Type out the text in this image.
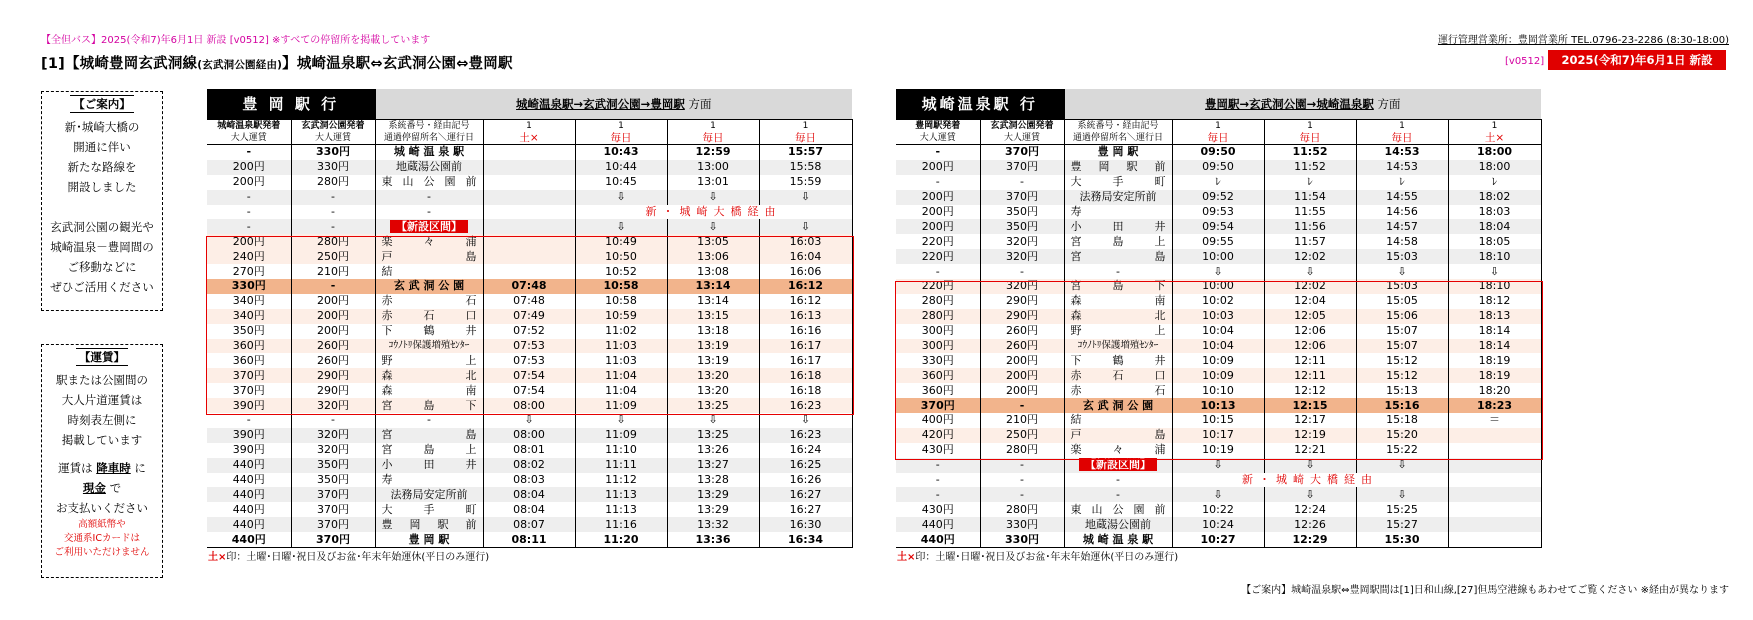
【全但バス】2025(令和7)年6月1日 新設 [v0512] ※すべての停留所を掲載しています	運行管理営業所：豊岡営業所 TEL.0796-23-2286 (8:30-18:00)
[1]【城崎豊岡玄武洞線(玄武洞公園経由)】城崎温泉駅⇔玄武洞公園⇔豊岡駅	[v0512]	2025(令和7)年6月1日 新設
【ご案内】
新･城崎大橋の
開通に伴い
新たな路線を
開設しました

玄武洞公園の観光や
城崎温泉－豊岡間の
ご移動などに
ぜひご活用ください
【運賃】
駅または公園間の
大人片道運賃は
時刻表左側に
掲載しています
運賃は 降車時 に
現金 で
お支払いください
高額紙幣や
交通系ICカードは
ご利用いただけません
豊 岡 駅 行		城崎温泉駅→玄武洞公園→豊岡駅 方面				
城崎温泉駅発着	玄武洞公園発着	系統番号・経由記号	1	1	1	1
大人運賃	大人運賃	通過停留所名＼運行日	土×	毎日	毎日	毎日
-	330円	城 崎 温 泉 駅		10:43	12:59	15:57
200円	330円	地蔵湯公園前		10:44	13:00	15:58
200円	280円	東山公園前		10:45	13:01	15:59
-	-	-		⇩	⇩	⇩
-	-	-		新・城崎大橋経由		
-	-	【新設区間】		⇩	⇩	⇩
200円	280円	楽々浦		10:49	13:05	16:03
240円	250円	戸島		10:50	13:06	16:04
270円	210円	結		10:52	13:08	16:06
330円	-	玄 武 洞 公 園	07:48	10:58	13:14	16:12
340円	200円	赤石	07:48	10:58	13:14	16:12
340円	200円	赤石口	07:49	10:59	13:15	16:13
350円	200円	下鶴井	07:52	11:02	13:18	16:16
360円	260円	ｺｳﾉﾄﾘ保護増殖ｾﾝﾀｰ	07:53	11:03	13:19	16:17
360円	260円	野上	07:53	11:03	13:19	16:17
370円	290円	森北	07:54	11:04	13:20	16:18
370円	290円	森南	07:54	11:04	13:20	16:18
390円	320円	宮島下	08:00	11:09	13:25	16:23
-	-	-	⇩	⇩	⇩	⇩
390円	320円	宮島	08:00	11:09	13:25	16:23
390円	320円	宮島上	08:01	11:10	13:26	16:24
440円	350円	小田井	08:02	11:11	13:27	16:25
440円	350円	寿	08:03	11:12	13:28	16:26
440円	370円	法務局安定所前	08:04	11:13	13:29	16:27
440円	370円	大手町	08:04	11:13	13:29	16:27
440円	370円	豊岡駅前	08:07	11:16	13:32	16:30
440円	370円	豊 岡 駅	08:11	11:20	13:36	16:34
土×印：土曜･日曜･祝日及びお盆･年末年始運休(平日のみ運行)
城崎温泉駅 行		豊岡駅→玄武洞公園→城崎温泉駅 方面				
豊岡駅発着	玄武洞公園発着	系統番号・経由記号	1	1	1	1
大人運賃	大人運賃	通過停留所名＼運行日	毎日	毎日	毎日	土×
-	370円	豊 岡 駅	09:50	11:52	14:53	18:00
200円	370円	豊岡駅前	09:50	11:52	14:53	18:00
-	-	大手町	ﾚ	ﾚ	ﾚ	ﾚ
200円	370円	法務局安定所前	09:52	11:54	14:55	18:02
200円	350円	寿	09:53	11:55	14:56	18:03
200円	350円	小田井	09:54	11:56	14:57	18:04
220円	320円	宮島上	09:55	11:57	14:58	18:05
220円	320円	宮島	10:00	12:02	15:03	18:10
-	-	-	⇩	⇩	⇩	⇩
220円	320円	宮島下	10:00	12:02	15:03	18:10
280円	290円	森南	10:02	12:04	15:05	18:12
280円	290円	森北	10:03	12:05	15:06	18:13
300円	260円	野上	10:04	12:06	15:07	18:14
300円	260円	ｺｳﾉﾄﾘ保護増殖ｾﾝﾀｰ	10:04	12:06	15:07	18:14
330円	200円	下鶴井	10:09	12:11	15:12	18:19
360円	200円	赤石口	10:09	12:11	15:12	18:19
360円	200円	赤石	10:10	12:12	15:13	18:20
370円	-	玄 武 洞 公 園	10:13	12:15	15:16	18:23
400円	210円	結	10:15	12:17	15:18	＝
420円	250円	戸島	10:17	12:19	15:20	
430円	280円	楽々浦	10:19	12:21	15:22	
-	-	【新設区間】	⇩	⇩	⇩	
-	-	-	新・城崎大橋経由			
-	-	-	⇩	⇩	⇩	
430円	280円	東山公園前	10:22	12:24	15:25	
440円	330円	地蔵湯公園前	10:24	12:26	15:27	
440円	330円	城 崎 温 泉 駅	10:27	12:29	15:30	
土×印：土曜･日曜･祝日及びお盆･年末年始運休(平日のみ運行)
【ご案内】城崎温泉駅⇔豊岡駅間は[1]日和山線,[27]但馬空港線もあわせてご覧ください ※経由が異なります
